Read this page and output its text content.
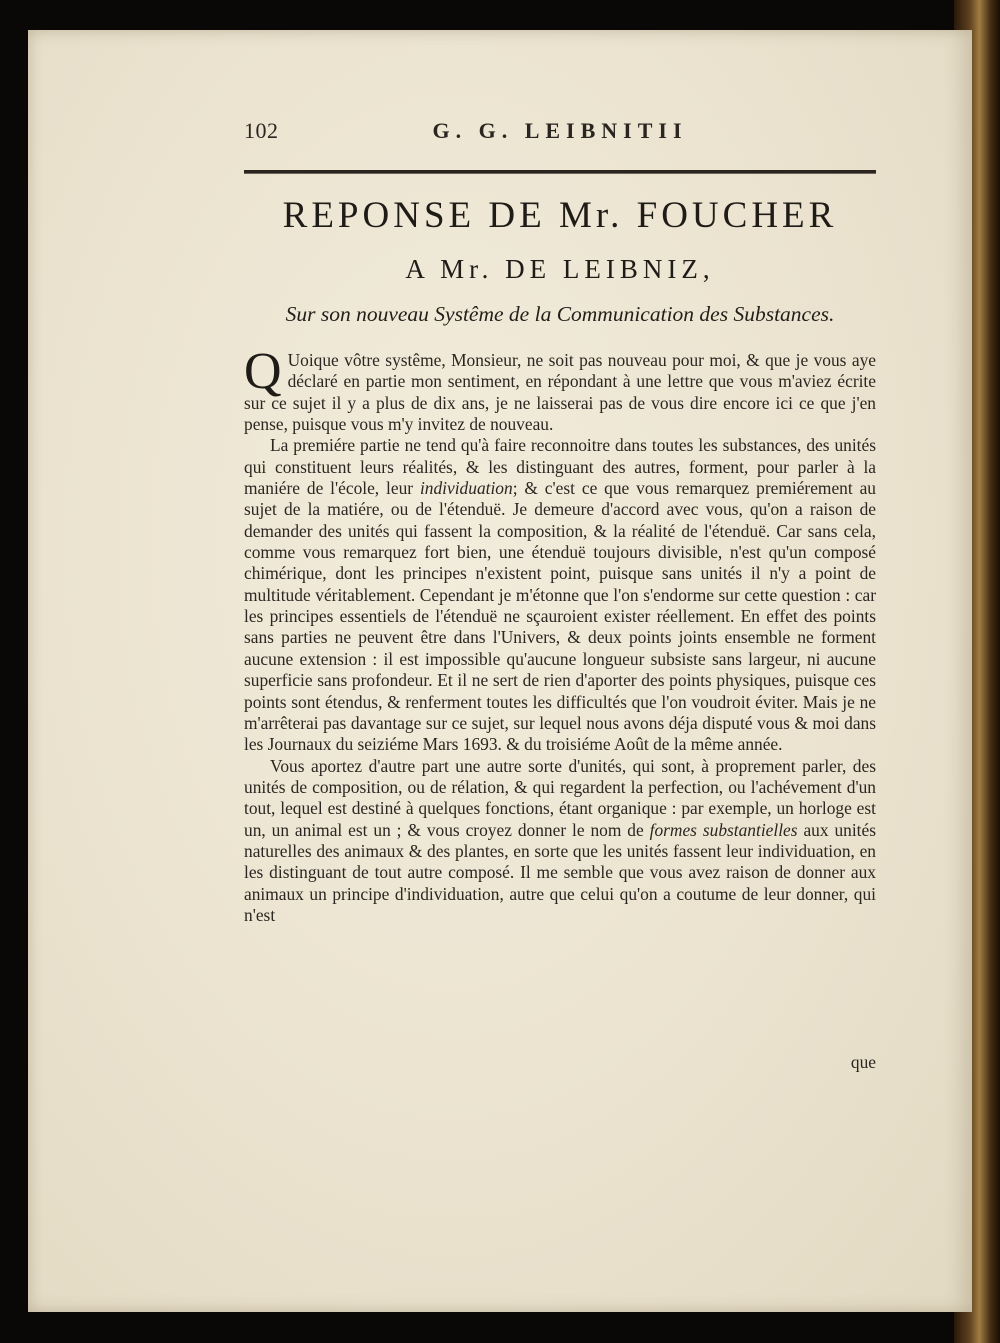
102	G. G. LEIBNITII
REPONSE DE Mr. FOUCHER
A Mr. DE LEIBNIZ,
Sur son nouveau Systême de la Communication des Substances.

Q Uoique vôtre systême, Monsieur, ne soit pas nouveau pour moi, & que je vous aye déclaré en partie mon sentiment, en répondant à une lettre que vous m'aviez écrite sur ce sujet il y a plus de dix ans, je ne laisserai pas de vous dire encore ici ce que j'en pense, puisque vous m'y invitez de nouveau.

La premiére partie ne tend qu'à faire reconnoitre dans toutes les substances, des unités qui constituent leurs réalités, & les distinguant des autres, forment, pour parler à la maniére de l'école, leur individuation; & c'est ce que vous remarquez premiérement au sujet de la matiére, ou de l'étenduë. Je demeure d'accord avec vous, qu'on a raison de demander des unités qui fassent la composition, & la réalité de l'étenduë. Car sans cela, comme vous remarquez fort bien, une étenduë toujours divisible, n'est qu'un composé chimérique, dont les principes n'existent point, puisque sans unités il n'y a point de multitude véritablement. Cependant je m'étonne que l'on s'endorme sur cette question : car les principes essentiels de l'étenduë ne sçauroient exister réellement. En effet des points sans parties ne peuvent être dans l'Univers, & deux points joints ensemble ne forment aucune extension : il est impossible qu'aucune longueur subsiste sans largeur, ni aucune superficie sans profondeur. Et il ne sert de rien d'aporter des points physiques, puisque ces points sont étendus, & renferment toutes les difficultés que l'on voudroit éviter. Mais je ne m'arrêterai pas davantage sur ce sujet, sur lequel nous avons déja disputé vous & moi dans les Journaux du seiziéme Mars 1693. & du troisiéme Août de la même année.

Vous aportez d'autre part une autre sorte d'unités, qui sont, à proprement parler, des unités de composition, ou de rélation, & qui regardent la perfection, ou l'achévement d'un tout, lequel est destiné à quelques fonctions, étant organique : par exemple, un horloge est un, un animal est un ; & vous croyez donner le nom de formes substantielles aux unités naturelles des animaux & des plantes, en sorte que les unités fassent leur individuation, en les distinguant de tout autre composé. Il me semble que vous avez raison de donner aux animaux un principe d'individuation, autre que celui qu'on a coutume de leur donner, qui n'est

que
